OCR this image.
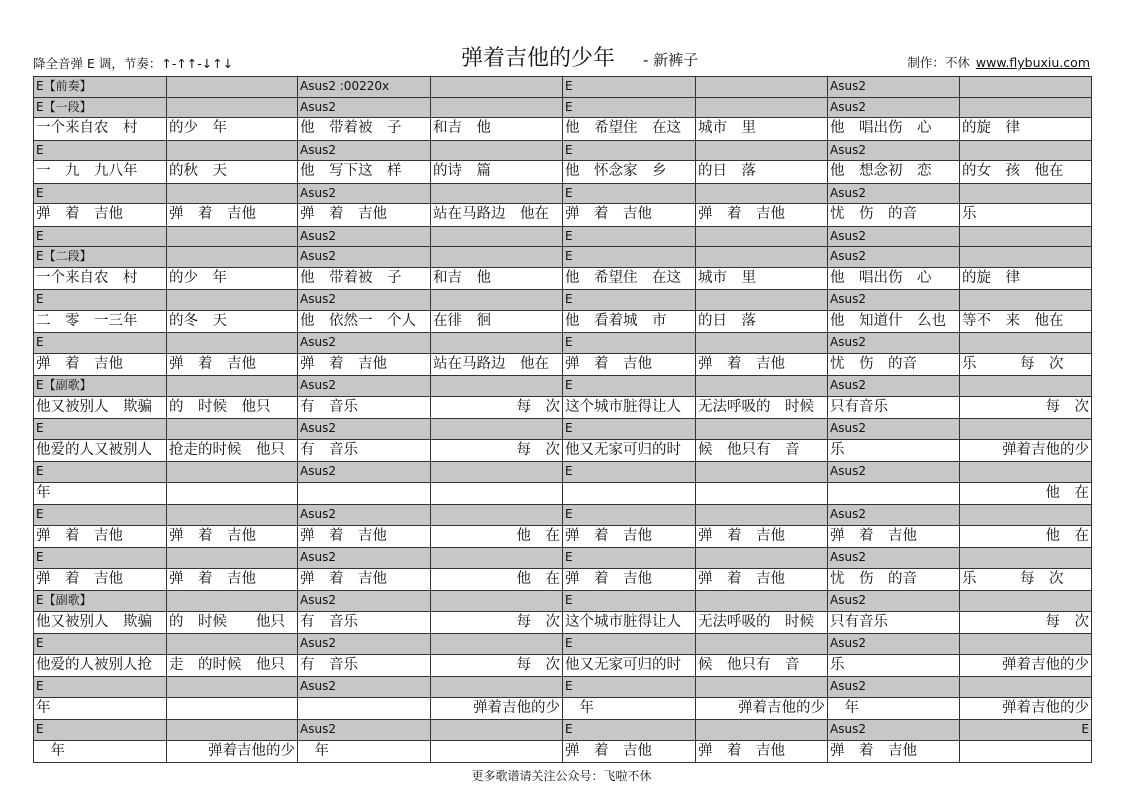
降全音弹 E 调，节奏：↑-↑↑-↓↑↓	弹着吉他的少年 - 新裤子	制作：不休 www.flybuxiu.com
E【前奏】		Asus2 :00220x		E		Asus2	
E【一段】		Asus2		E		Asus2	
一个来自农　村	的少　年	他　带着被　子	和吉　他	他　希望住　在这	城市　里	他　唱出伤　心	的旋　律
E		Asus2		E		Asus2	
一　九　九八年	的秋　天	他　写下这　样	的诗　篇	他　怀念家　乡	的日　落	他　想念初　恋	的女　孩　他在
E		Asus2		E		Asus2	
弹　着　吉他	弹　着　吉他	弹　着　吉他	站在马路边　他在	弹　着　吉他	弹　着　吉他	忧　伤　的音	乐
E		Asus2		E		Asus2	
E【二段】		Asus2		E		Asus2	
一个来自农　村	的少　年	他　带着被　子	和吉　他	他　希望住　在这	城市　里	他　唱出伤　心	的旋　律
E		Asus2		E		Asus2	
二　零　一三年	的冬　天	他　依然一　个人	在徘　徊	他　看着城　市	的日　落	他　知道什　么也	等不　来　他在
E		Asus2		E		Asus2	
弹　着　吉他	弹　着　吉他	弹　着　吉他	站在马路边　他在	弹　着　吉他	弹　着　吉他	忧　伤　的音	乐　　　每　次
E【副歌】		Asus2		E		Asus2	
他又被别人　欺骗	的　时候　他只	有　音乐	每　次	这个城市脏得让人	无法呼吸的　时候	只有音乐	每　次
E		Asus2		E		Asus2	
他爱的人又被别人	抢走的时候　他只	有　音乐	每　次	他又无家可归的时	候　他只有　音	乐	弹着吉他的少
E		Asus2		E		Asus2	
年							他　在
E		Asus2		E		Asus2	
弹　着　吉他	弹　着　吉他	弹　着　吉他	他　在	弹　着　吉他	弹　着　吉他	弹　着　吉他	他　在
E		Asus2		E		Asus2	
弹　着　吉他	弹　着　吉他	弹　着　吉他	他　在	弹　着　吉他	弹　着　吉他	忧　伤　的音	乐　　　每　次
E【副歌】		Asus2		E		Asus2	
他又被别人　欺骗	的　时候　　他只	有　音乐	每　次	这个城市脏得让人	无法呼吸的　时候	只有音乐	每　次
E		Asus2		E		Asus2	
他爱的人被别人抢	走　的时候　他只	有　音乐	每　次	他又无家可归的时	候　他只有　音	乐	弹着吉他的少
E		Asus2		E		Asus2	
年			弹着吉他的少	　年	弹着吉他的少	　年	弹着吉他的少
E		Asus2		E		Asus2	E
　年	弹着吉他的少	　年		弹　着　吉他	弹　着　吉他	弹　着　吉他	
更多歌谱请关注公众号：飞啦不休
